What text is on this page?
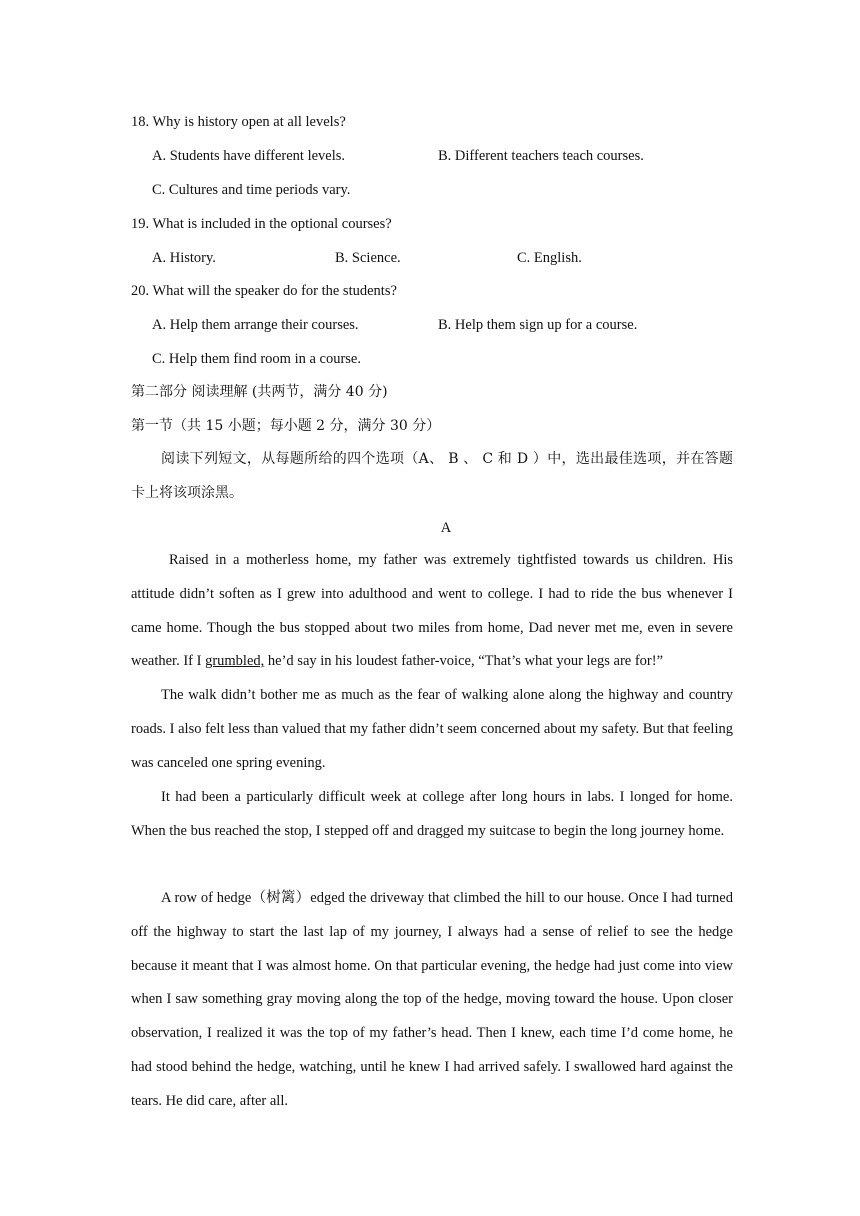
18. Why is history open at all levels?
A. Students have different levels.	B. Different teachers teach courses.
C. Cultures and time periods vary.
19. What is included in the optional courses?
A. History.	B. Science.	C. English.
20. What will the speaker do for the students?
A. Help them arrange their courses.	B. Help them sign up for a course.
C. Help them find room in a course.
第二部分 阅读理解 (共两节，满分 40 分)
第一节（共 15 小题；每小题 2 分，满分 30 分）

阅读下列短文，从每题所给的四个选项（A、 B 、 C 和 D ）中，选出最佳选项，并在答题卡上将该项涂黑。

A

Raised in a motherless home, my father was extremely tightfisted towards us children. His attitude didn’t soften as I grew into adulthood and went to college. I had to ride the bus whenever I came home. Though the bus stopped about two miles from home, Dad never met me, even in severe weather. If I grumbled, he’d say in his loudest father-voice, “That’s what your legs are for!”

The walk didn’t bother me as much as the fear of walking alone along the highway and country roads. I also felt less than valued that my father didn’t seem concerned about my safety. But that feeling was canceled one spring evening.

It had been a particularly difficult week at college after long hours in labs. I longed for home. When the bus reached the stop, I stepped off and dragged my suitcase to begin the long journey home.

A row of hedge（树篱）edged the driveway that climbed the hill to our house. Once I had turned off the highway to start the last lap of my journey, I always had a sense of relief to see the hedge because it meant that I was almost home. On that particular evening, the hedge had just come into view when I saw something gray moving along the top of the hedge, moving toward the house. Upon closer observation, I realized it was the top of my father’s head. Then I knew, each time I’d come home, he had stood behind the hedge, watching, until he knew I had arrived safely. I swallowed hard against the tears. He did care, after all.
